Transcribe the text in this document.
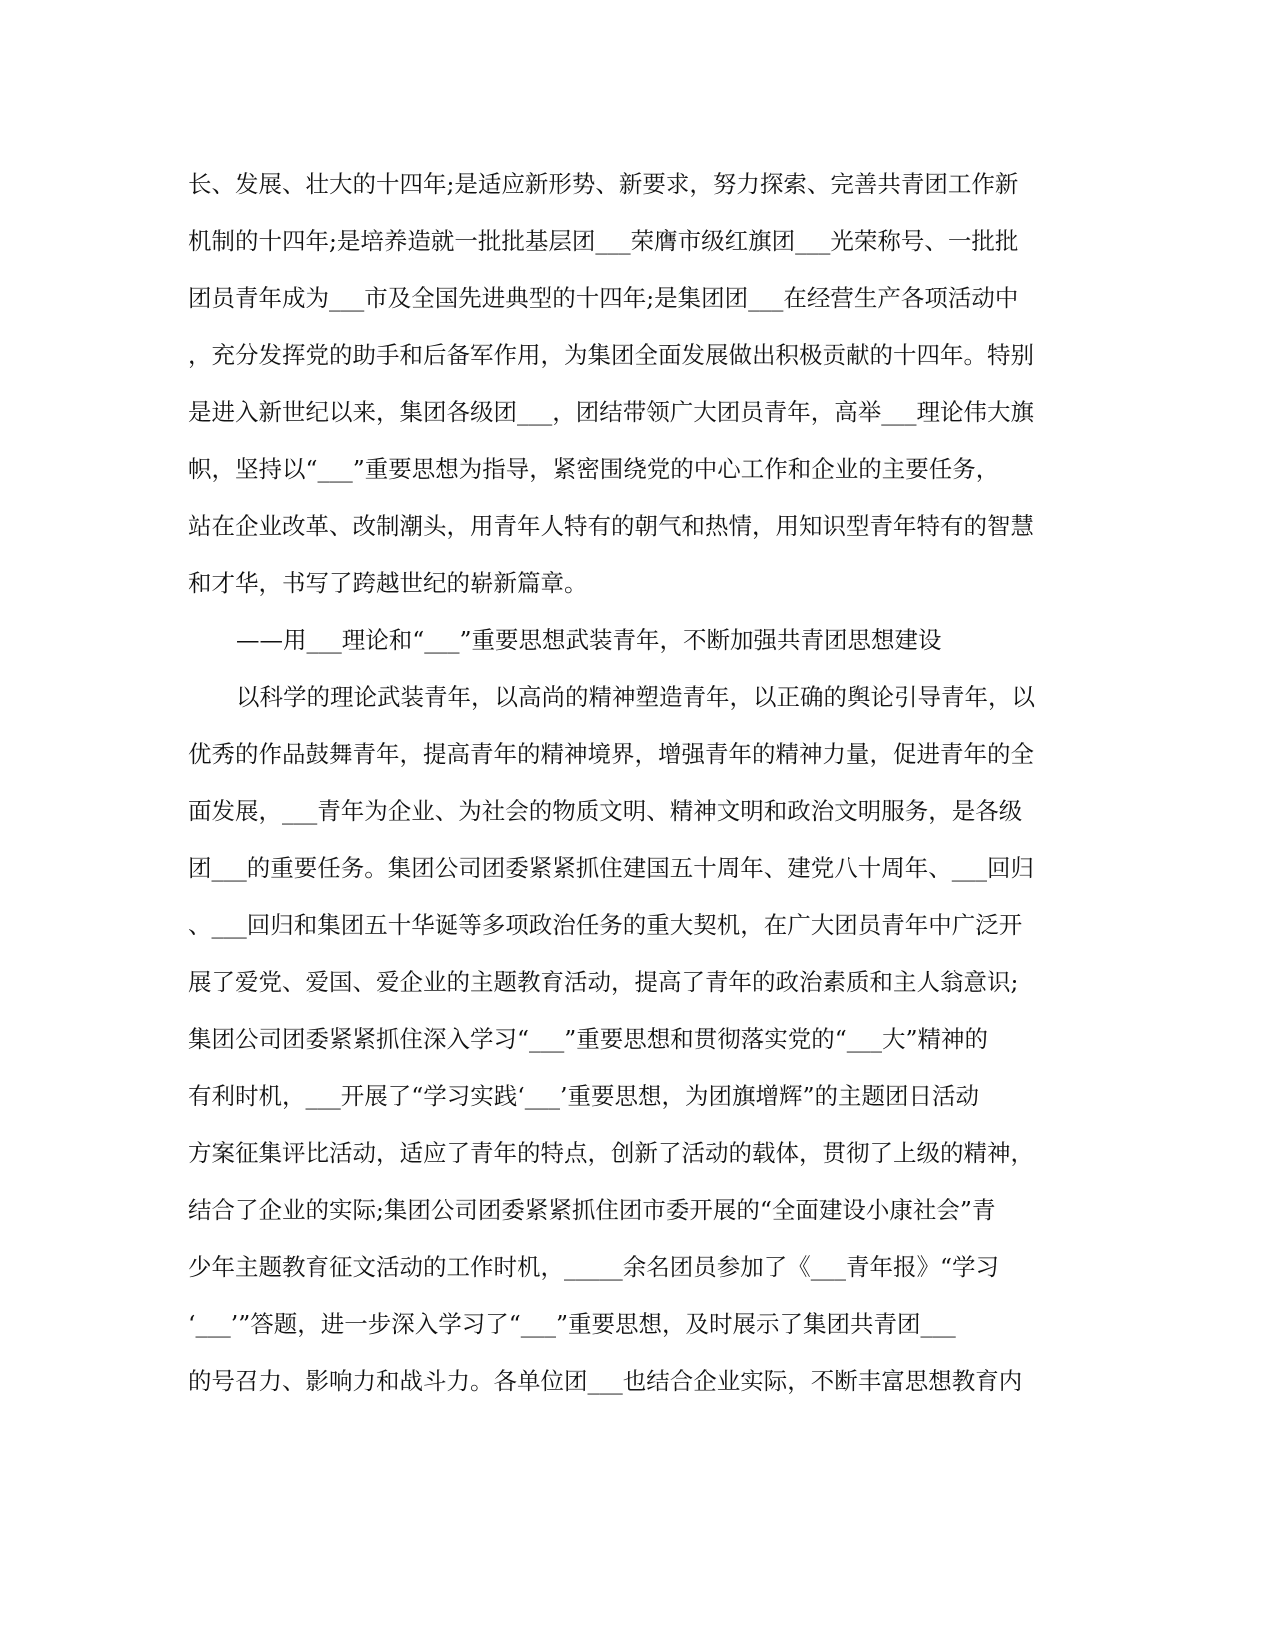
长、发展、壮大的十四年;是适应新形势、新要求，努力探索、完善共青团工作新
机制的十四年;是培养造就一批批基层团___荣膺市级红旗团___光荣称号、一批批
团员青年成为___市及全国先进典型的十四年;是集团团___在经营生产各项活动中
，充分发挥党的助手和后备军作用，为集团全面发展做出积极贡献的十四年。特别
是进入新世纪以来，集团各级团___，团结带领广大团员青年，高举___理论伟大旗
帜，坚持以“___”重要思想为指导，紧密围绕党的中心工作和企业的主要任务，
站在企业改革、改制潮头，用青年人特有的朝气和热情，用知识型青年特有的智慧
和才华，书写了跨越世纪的崭新篇章。
——用___理论和“___”重要思想武装青年，不断加强共青团思想建设
以科学的理论武装青年，以高尚的精神塑造青年，以正确的舆论引导青年，以
优秀的作品鼓舞青年，提高青年的精神境界，增强青年的精神力量，促进青年的全
面发展，___青年为企业、为社会的物质文明、精神文明和政治文明服务，是各级
团___的重要任务。集团公司团委紧紧抓住建国五十周年、建党八十周年、___回归
、___回归和集团五十华诞等多项政治任务的重大契机，在广大团员青年中广泛开
展了爱党、爱国、爱企业的主题教育活动，提高了青年的政治素质和主人翁意识;
集团公司团委紧紧抓住深入学习“___”重要思想和贯彻落实党的“___大”精神的
有利时机，___开展了“学习实践‘___’重要思想，为团旗增辉”的主题团日活动
方案征集评比活动，适应了青年的特点，创新了活动的载体，贯彻了上级的精神，
结合了企业的实际;集团公司团委紧紧抓住团市委开展的“全面建设小康社会”青
少年主题教育征文活动的工作时机，_____余名团员参加了《___青年报》“学习
‘___’”答题，进一步深入学习了“___”重要思想，及时展示了集团共青团___
的号召力、影响力和战斗力。各单位团___也结合企业实际，不断丰富思想教育内
